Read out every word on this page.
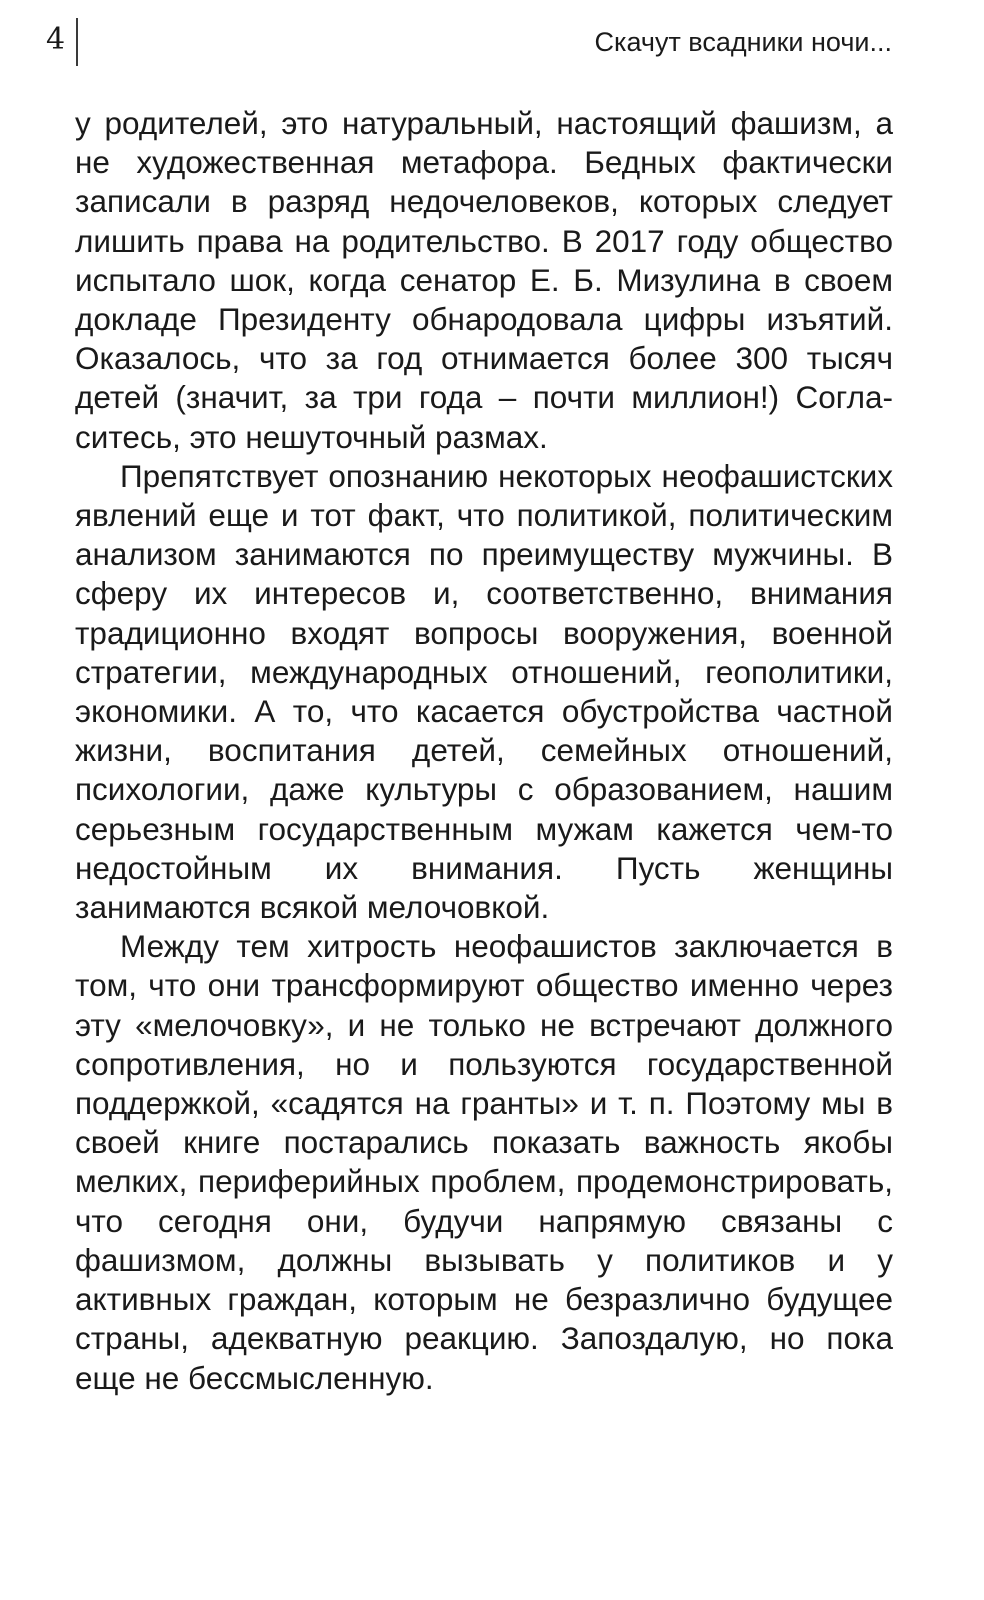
4	Скачут всадники ночи...

у родителей, это натуральный, настоящий фашизм, а не художественная метафора. Бедных фактически записали в разряд недочеловеков, которых следует лишить права на родительство. В 2017 году общество испытало шок, когда сенатор Е. Б. Мизулина в своем докладе Президенту обнародовала цифры изъятий. Оказалось, что за год отнимается более 300 тысяч детей (значит, за три года – почти миллион!) Согласитесь, это нешуточный размах.

Препятствует опознанию некоторых неофашистских явлений еще и тот факт, что политикой, политическим анализом занимаются по преимуществу мужчины. В сферу их интересов и, соответственно, внимания традиционно входят вопросы вооружения, военной стратегии, международных отношений, геополитики, экономики. А то, что касается обустройства частной жизни, воспитания детей, семейных отношений, психологии, даже культуры с образованием, нашим серьезным государственным мужам кажется чем-то недостойным их внимания. Пусть женщины занимаются всякой мелочовкой.

Между тем хитрость неофашистов заключается в том, что они трансформируют общество именно через эту «мелочовку», и не только не встречают должного сопротивления, но и пользуются государственной поддержкой, «садятся на гранты» и т. п. Поэтому мы в своей книге постарались показать важность якобы мелких, периферийных проблем, продемонстрировать, что сегодня они, будучи напрямую связаны с фашизмом, должны вызывать у политиков и у активных граждан, которым не безразлично будущее страны, адекватную реакцию. Запоздалую, но пока еще не бессмысленную.
